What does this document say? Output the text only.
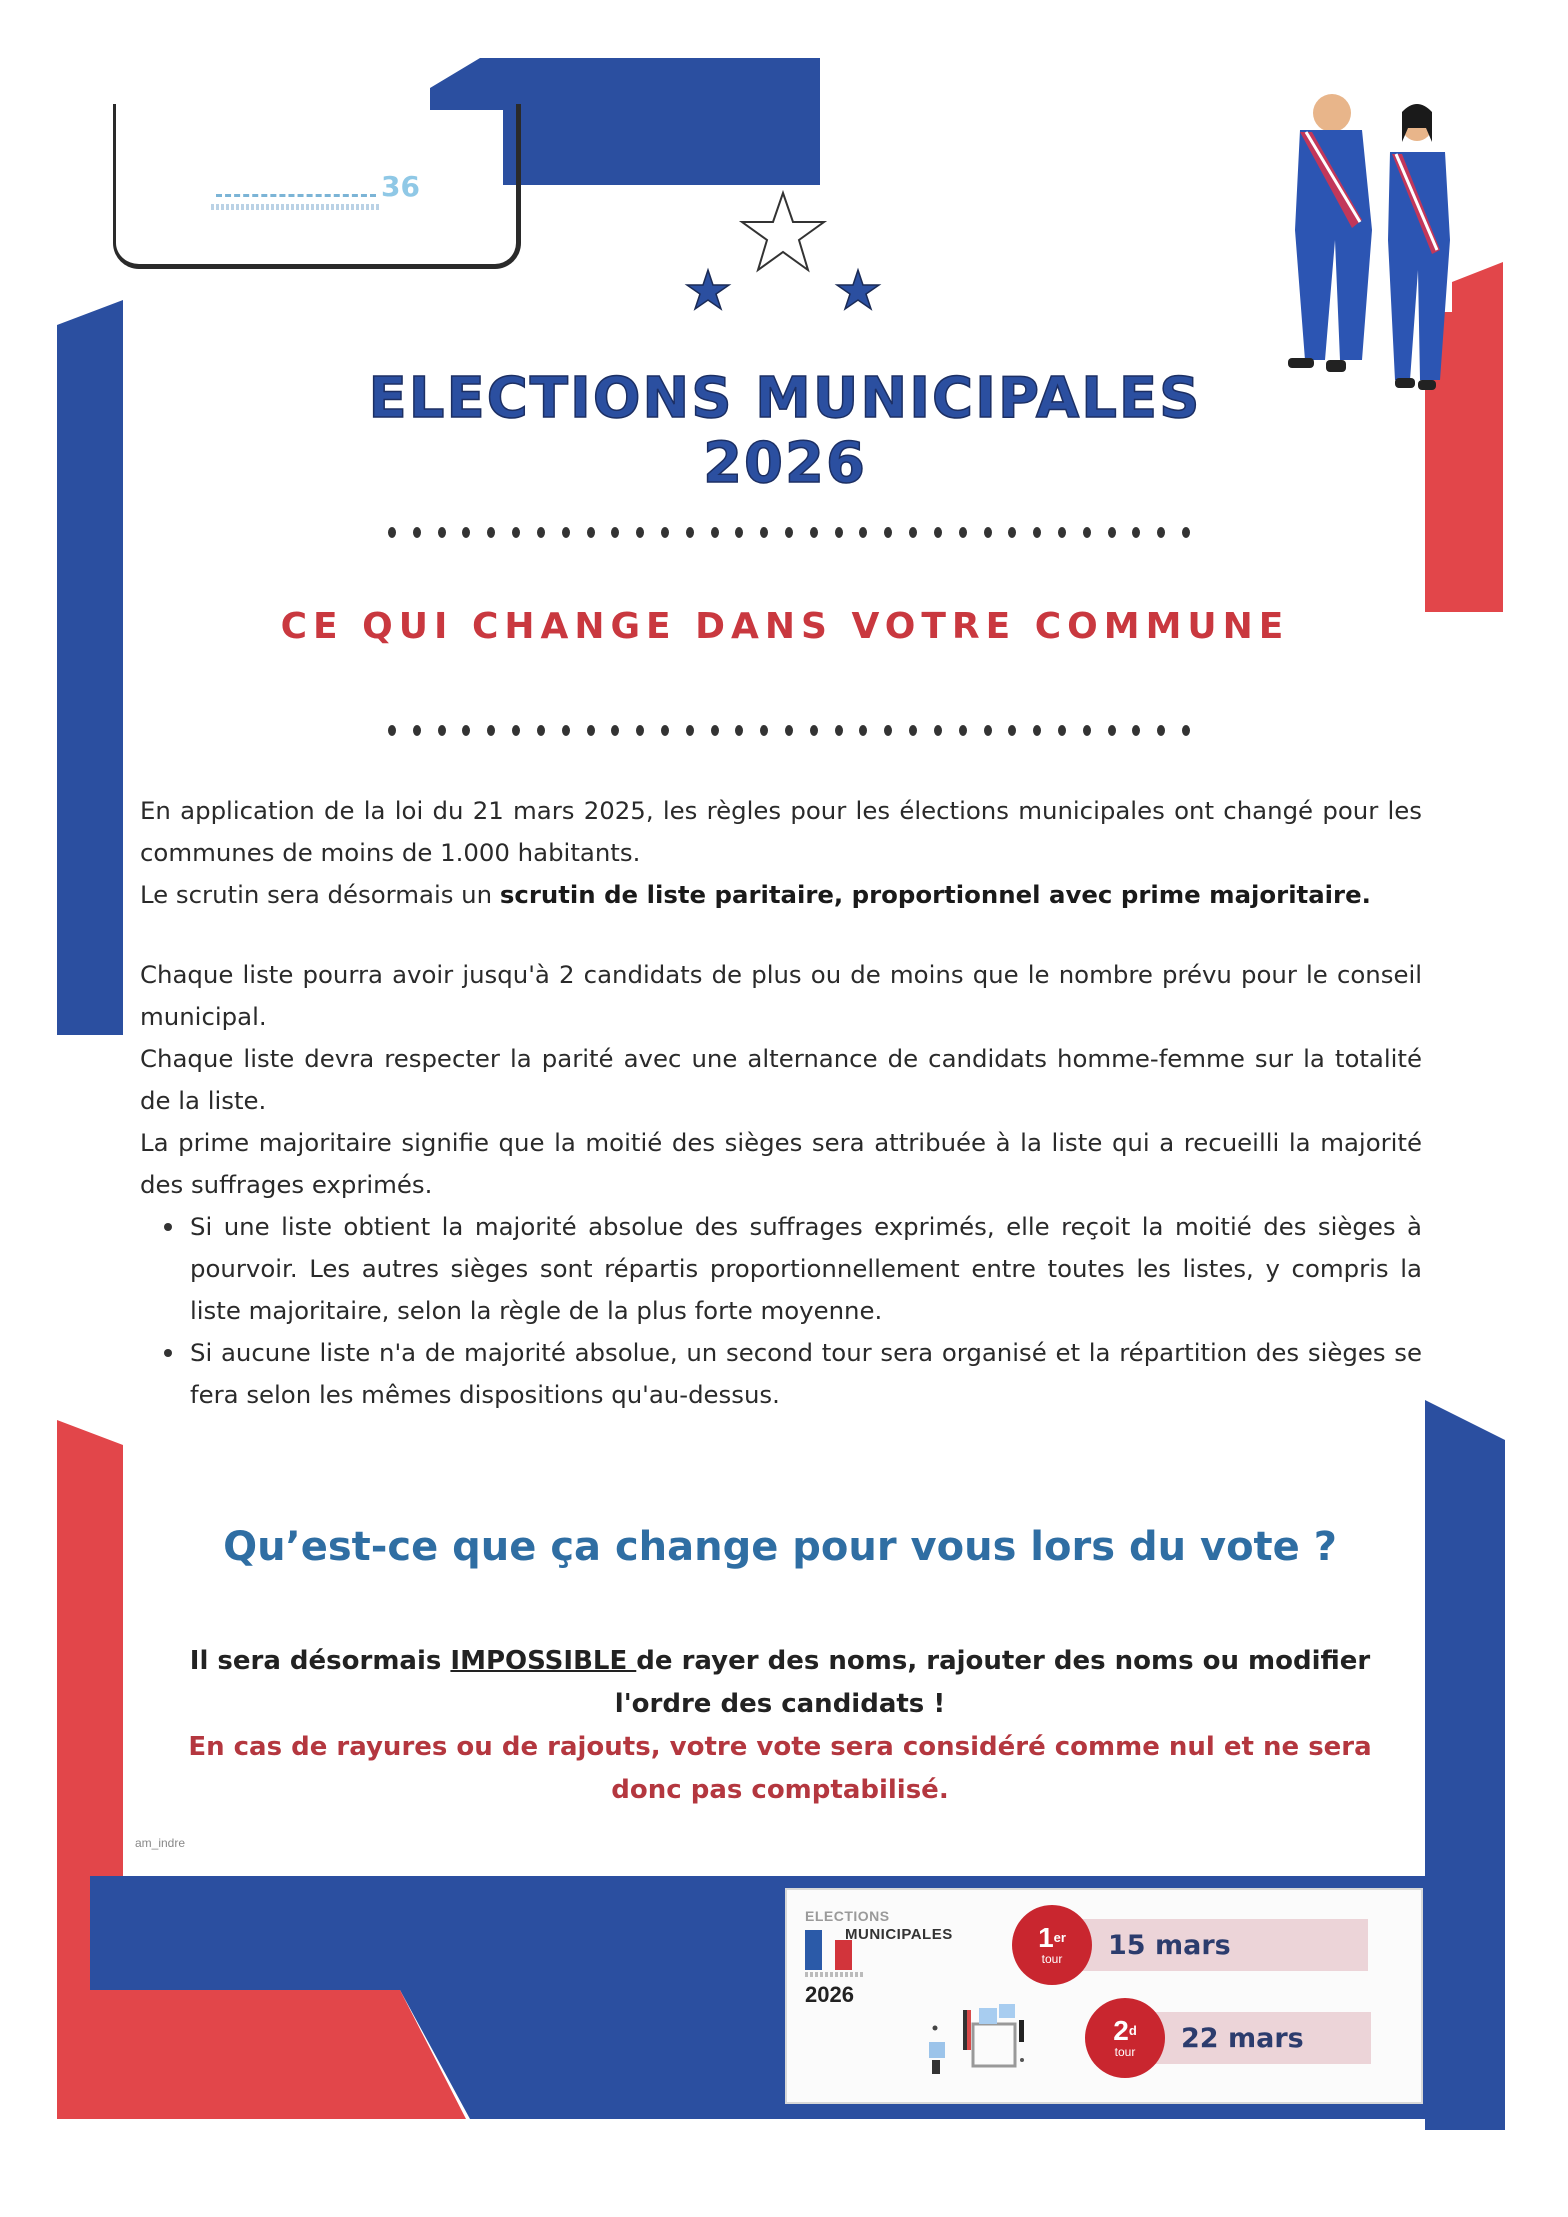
36
ELECTIONS MUNICIPALES 2026
CE QUI CHANGE DANS VOTRE COMMUNE

En application de la loi du 21 mars 2025, les règles pour les élections municipales ont changé pour les communes de moins de 1.000 habitants.

Le scrutin sera désormais un scrutin de liste paritaire, proportionnel avec prime majoritaire.

Chaque liste pourra avoir jusqu'à 2 candidats de plus ou de moins que le nombre prévu pour le conseil municipal.

Chaque liste devra respecter la parité avec une alternance de candidats homme-femme sur la totalité de la liste.

La prime majoritaire signifie que la moitié des sièges sera attribuée à la liste qui a recueilli la majorité des suffrages exprimés.

Si une liste obtient la majorité absolue des suffrages exprimés, elle reçoit la moitié des sièges à pourvoir. Les autres sièges sont répartis proportionnellement entre toutes les listes, y compris la liste majoritaire, selon la règle de la plus forte moyenne.
Si aucune liste n'a de majorité absolue, un second tour sera organisé et la répartition des sièges se fera selon les mêmes dispositions qu'au-dessus.
Qu’est-ce que ça change pour vous lors du vote ?
Il sera désormais IMPOSSIBLE de rayer des noms, rajouter des noms ou modifier l'ordre des candidats !
En cas de rayures ou de rajouts, votre vote sera considéré comme nul et ne sera donc pas comptabilisé.
am_indre
ELECTIONS
MUNICIPALES
2026
1er
tour	15 mars
2$^d$
tour	22 mars
